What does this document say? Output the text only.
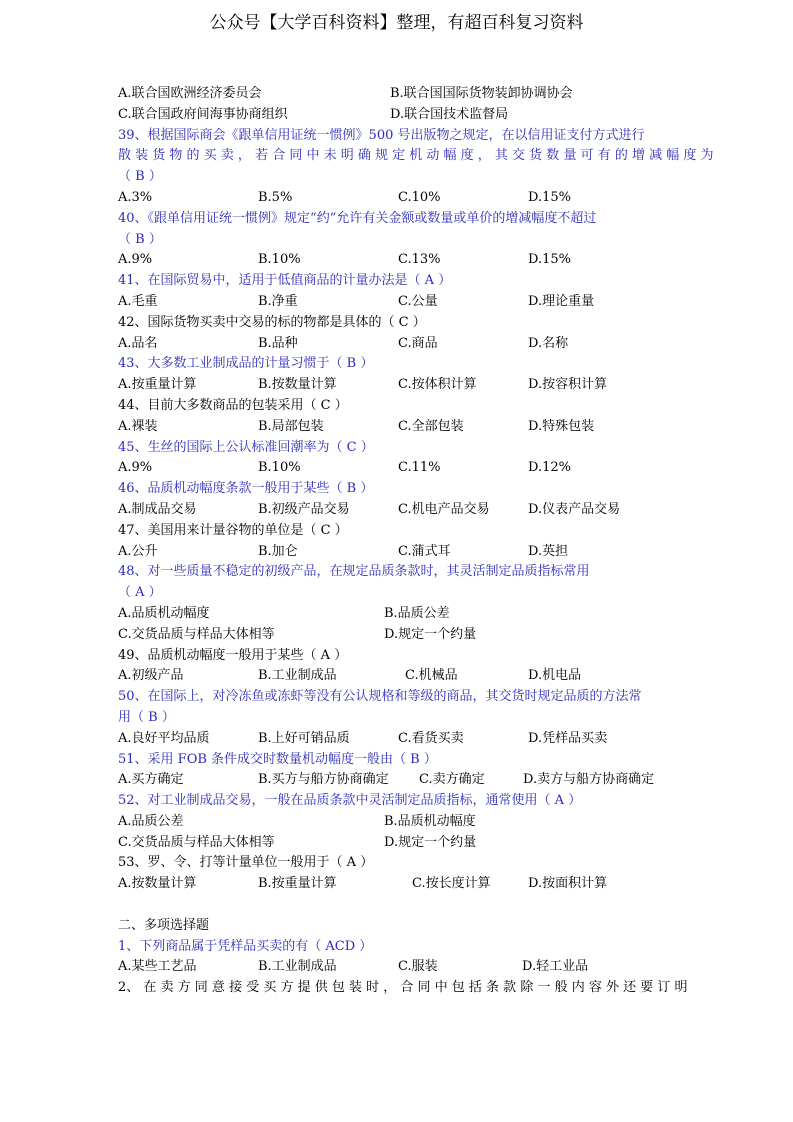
公众号【大学百科资料】整理，有超百科复习资料
A.联合国欧洲经济委员会	B.联合国国际货物装卸协调协会
C.联合国政府间海事协商组织	D.联合国技术监督局
39、根据国际商会《跟单信用证统一惯例》500 号出版物之规定，在以信用证支付方式进行
散 装 货 物 的 买 卖 ， 若 合 同 中 未 明 确 规 定 机 动 幅 度 ， 其 交 货 数 量 可 有 的 增 减 幅 度 为
（ B ）
A.3%	B.5%	C.10%	D.15%
40、《跟单信用证统一惯例》规定“约”允许有关金额或数量或单价的增减幅度不超过
（ B ）
A.9%	B.10%	C.13%	D.15%
41、在国际贸易中，适用于低值商品的计量办法是（ A ）
A.毛重	B.净重	C.公量	D.理论重量
42、国际货物买卖中交易的标的物都是具体的（ C ）
A.品名	B.品种	C.商品	D.名称
43、大多数工业制成品的计量习惯于（ B ）
A.按重量计算	B.按数量计算	C.按体积计算	D.按容积计算
44、目前大多数商品的包装采用（ C ）
A.裸装	B.局部包装	C.全部包装	D.特殊包装
45、生丝的国际上公认标准回潮率为（ C ）
A.9%	B.10%	C.11%	D.12%
46、品质机动幅度条款一般用于某些（ B ）
A.制成品交易	B.初级产品交易	C.机电产品交易	D.仪表产品交易
47、美国用来计量谷物的单位是（ C ）
A.公升	B.加仑	C.蒲式耳	D.英担
48、对一些质量不稳定的初级产品，在规定品质条款时，其灵活制定品质指标常用
（ A ）
A.品质机动幅度	B.品质公差
C.交货品质与样品大体相等	D.规定一个约量
49、品质机动幅度一般用于某些（ A ）
A.初级产品	B.工业制成品	C.机械品	D.机电品
50、在国际上，对冷冻鱼或冻虾等没有公认规格和等级的商品，其交货时规定品质的方法常
用（ B ）
A.良好平均品质	B.上好可销品质	C.看货买卖	D.凭样品买卖
51、采用 FOB 条件成交时数量机动幅度一般由（ B ）
A.买方确定	B.买方与船方协商确定 C.卖方确定	D.卖方与船方协商确定
52、对工业制成品交易，一般在品质条款中灵活制定品质指标，通常使用（ A ）
A.品质公差	B.品质机动幅度
C.交货品质与样品大体相等	D.规定一个约量
53、罗、令、打等计量单位一般用于（ A ）
A.按数量计算	B.按重量计算	C.按长度计算	D.按面积计算
二、多项选择题
1、下列商品属于凭样品买卖的有（ ACD ）
A.某些工艺品	B.工业制成品	C.服装	D.轻工业品
2、 在 卖 方 同 意 接 受 买 方 提 供 包 装 时 ， 合 同 中 包 括 条 款 除 一 般 内 容 外 还 要 订 明
